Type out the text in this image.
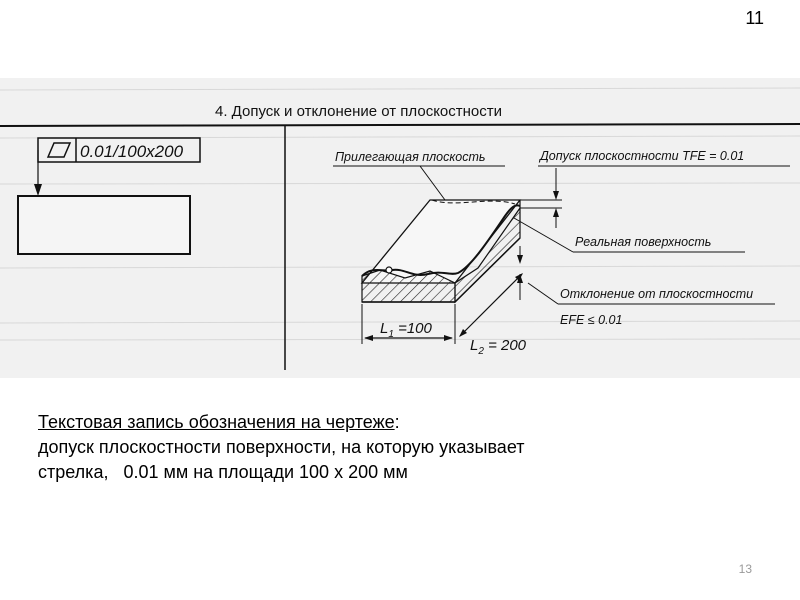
11
4. Допуск и отклонение от плоскостности
0.01/100x200
$L_1 =100$
$L_2 = 200$
Прилегающая плоскость	Допуск плоскостности TFE = 0.01
Реальная поверхность
Отклонение от плоскостности
EFE ≤ 0.01
Текстовая запись обозначения на чертеже:
допуск плоскостности поверхности, на которую указывает
стрелка,   0.01 мм на площади 100 х 200 мм
13
